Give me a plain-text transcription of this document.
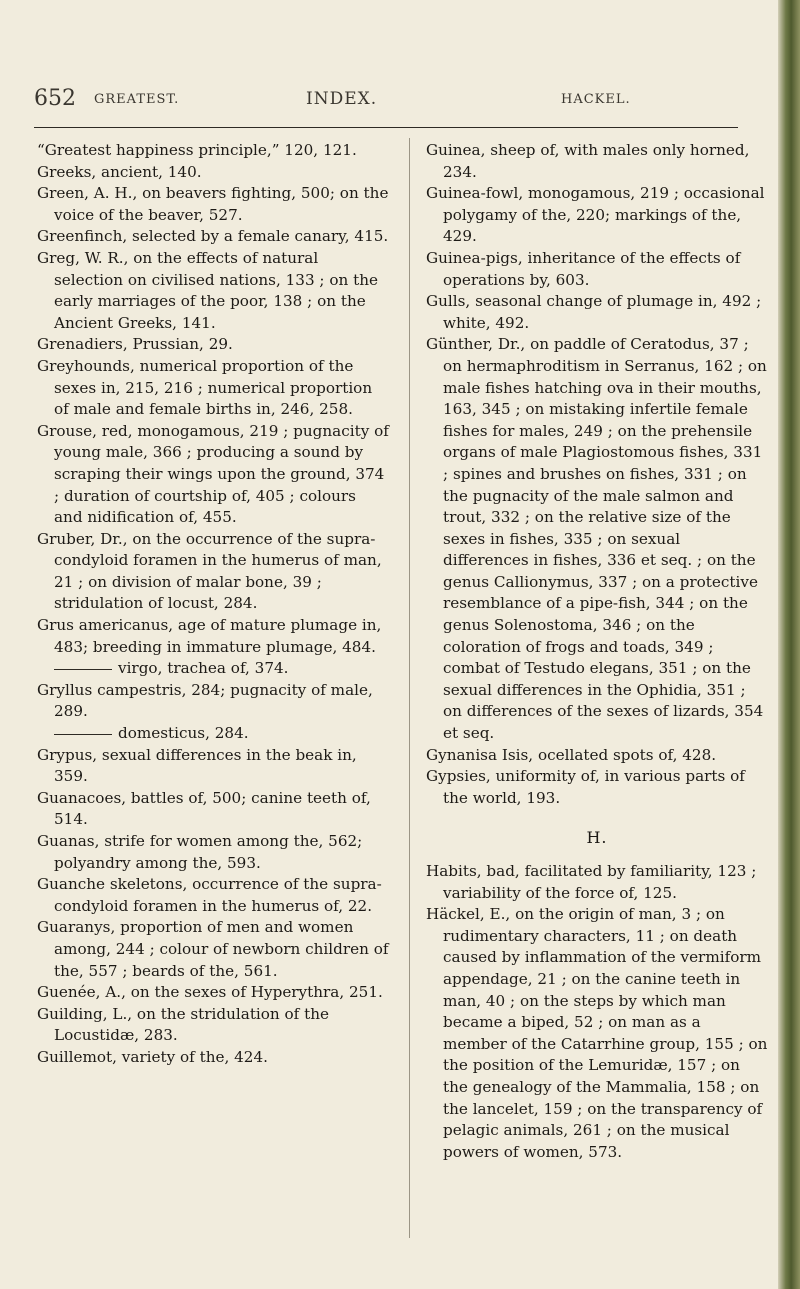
652 GREATEST.	INDEX.	HACKEL.

“Greatest happiness principle,” 120, 121.

Greeks, ancient, 140.

Green, A. H., on beavers fighting, 500; on the voice of the beaver, 527.

Greenfinch, selected by a female canary, 415.

Greg, W. R., on the effects of natural selection on civilised nations, 133 ; on the early marriages of the poor, 138 ; on the Ancient Greeks, 141.

Grenadiers, Prussian, 29.

Greyhounds, numerical proportion of the sexes in, 215, 216 ; numerical proportion of male and female births in, 246, 258.

Grouse, red, monogamous, 219 ; pugnacity of young male, 366 ; producing a sound by scraping their wings upon the ground, 374 ; duration of courtship of, 405 ; colours and nidification of, 455.

Gruber, Dr., on the occurrence of the supra-condyloid foramen in the humerus of man, 21 ; on division of malar bone, 39 ; stridulation of locust, 284.

Grus americanus, age of mature plumage in, 483; breeding in immature plumage, 484.

virgo, trachea of, 374.

Gryllus campestris, 284; pugnacity of male, 289.

domesticus, 284.

Grypus, sexual differences in the beak in, 359.

Guanacoes, battles of, 500; canine teeth of, 514.

Guanas, strife for women among the, 562; polyandry among the, 593.

Guanche skeletons, occurrence of the supra-condyloid foramen in the humerus of, 22.

Guaranys, proportion of men and women among, 244 ; colour of newborn children of the, 557 ; beards of the, 561.

Guenée, A., on the sexes of Hyperythra, 251.

Guilding, L., on the stridulation of the Locustidæ, 283.

Guillemot, variety of the, 424.

Guinea, sheep of, with males only horned, 234.

Guinea-fowl, monogamous, 219 ; occasional polygamy of the, 220; markings of the, 429.

Guinea-pigs, inheritance of the effects of operations by, 603.

Gulls, seasonal change of plumage in, 492 ; white, 492.

Günther, Dr., on paddle of Ceratodus, 37 ; on hermaphroditism in Serranus, 162 ; on male fishes hatching ova in their mouths, 163, 345 ; on mistaking infertile female fishes for males, 249 ; on the prehensile organs of male Plagiostomous fishes, 331 ; spines and brushes on fishes, 331 ; on the pugnacity of the male salmon and trout, 332 ; on the relative size of the sexes in fishes, 335 ; on sexual differences in fishes, 336 et seq. ; on the genus Callionymus, 337 ; on a protective resemblance of a pipe-fish, 344 ; on the genus Solenostoma, 346 ; on the coloration of frogs and toads, 349 ; combat of Testudo elegans, 351 ; on the sexual differences in the Ophidia, 351 ; on differences of the sexes of lizards, 354 et seq.

Gynanisa Isis, ocellated spots of, 428.

Gypsies, uniformity of, in various parts of the world, 193.

H.

Habits, bad, facilitated by familiarity, 123 ; variability of the force of, 125.

Häckel, E., on the origin of man, 3 ; on rudimentary characters, 11 ; on death caused by inflammation of the vermiform appendage, 21 ; on the canine teeth in man, 40 ; on the steps by which man became a biped, 52 ; on man as a member of the Catarrhine group, 155 ; on the position of the Lemuridæ, 157 ; on the genealogy of the Mammalia, 158 ; on the lancelet, 159 ; on the transparency of pelagic animals, 261 ; on the musical powers of women, 573.
